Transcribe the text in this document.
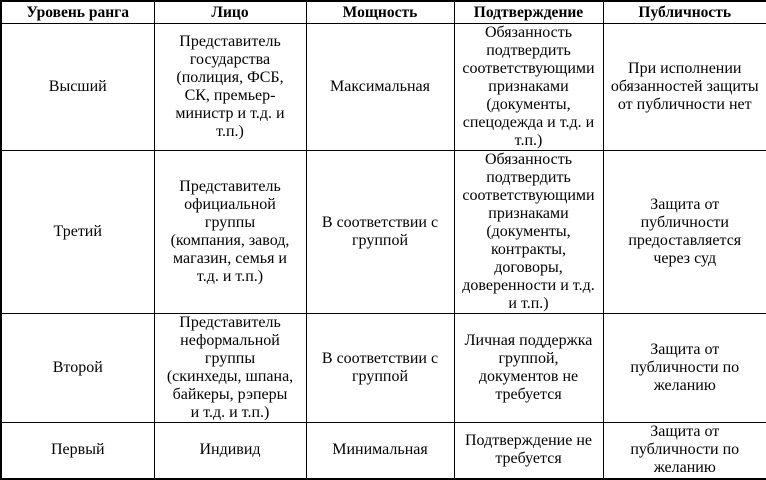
Уровень ранга	Лицо	Мощность	Подтверждение	Публичность
Высший	Представитель государства (полиция, ФСБ, СК, премьер-министр и т.д. и т.п.)	Максимальная	Обязанность подтвердить соответствующими признаками (документы, спецодежда и т.д. и т.п.)	При исполнении обязанностей защиты от публичности нет
Третий	Представитель официальной группы (компания, завод, магазин, семья и т.д. и т.п.)	В соответствии с группой	Обязанность подтвердить соответствующими признаками (документы, контракты, договоры, доверенности и т.д. и т.п.)	Защита от публичности предоставляется через суд
Второй	Представитель неформальной группы (скинхеды, шпана, байкеры, рэперы и т.д. и т.п.)	В соответствии с группой	Личная поддержка группой, документов не требуется	Защита от публичности по желанию
Первый	Индивид	Минимальная	Подтверждение не требуется	Защита от публичности по желанию
